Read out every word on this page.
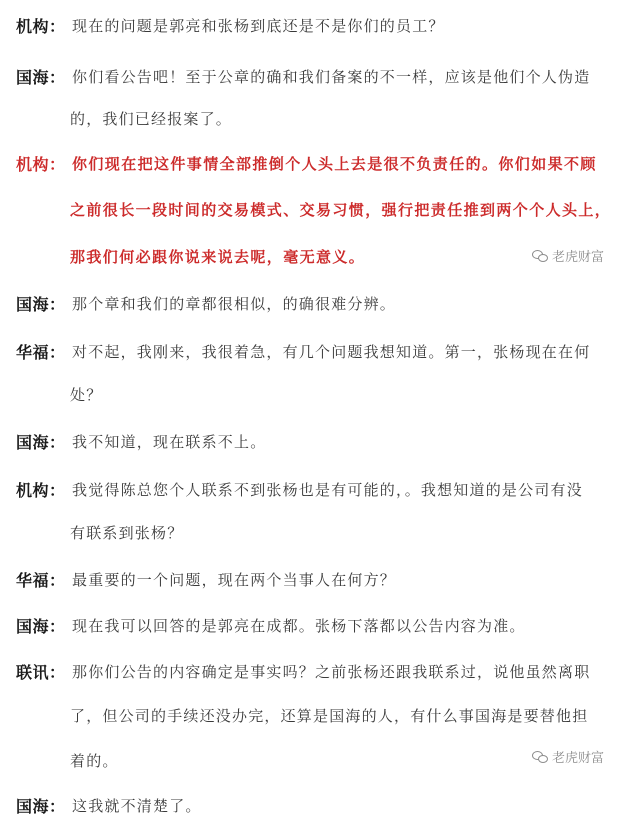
机构： 现在的问题是郭亮和张杨到底还是不是你们的员工？
国海： 你们看公告吧！至于公章的确和我们备案的不一样，应该是他们个人伪造
的，我们已经报案了。
机构： 你们现在把这件事情全部推倒个人头上去是很不负责任的。你们如果不顾
之前很长一段时间的交易模式、交易习惯，强行把责任推到两个个人头上，
那我们何必跟你说来说去呢，毫无意义。	老虎财富
国海： 那个章和我们的章都很相似，的确很难分辨。
华福： 对不起，我刚来，我很着急，有几个问题我想知道。第一，张杨现在在何
处？
国海： 我不知道，现在联系不上。
机构： 我觉得陈总您个人联系不到张杨也是有可能的，。我想知道的是公司有没
有联系到张杨？
华福： 最重要的一个问题，现在两个当事人在何方？
国海： 现在我可以回答的是郭亮在成都。张杨下落都以公告内容为准。
联讯： 那你们公告的内容确定是事实吗？之前张杨还跟我联系过，说他虽然离职
了，但公司的手续还没办完，还算是国海的人，有什么事国海是要替他担
着的。	老虎财富
国海： 这我就不清楚了。
